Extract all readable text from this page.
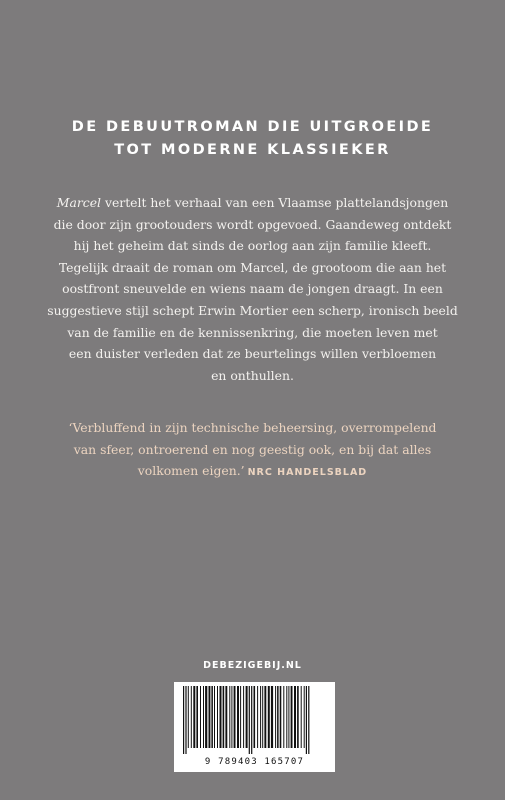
DE DEBUUTROMAN DIE UITGROEIDE
TOT MODERNE KLASSIEKER
Marcel vertelt het verhaal van een Vlaamse plattelandsjongen
die door zijn grootouders wordt opgevoed. Gaandeweg ontdekt
hij het geheim dat sinds de oorlog aan zijn familie kleeft.
Tegelijk draait de roman om Marcel, de grootoom die aan het
oostfront sneuvelde en wiens naam de jongen draagt. In een
suggestieve stijl schept Erwin Mortier een scherp, ironisch beeld
van de familie en de kennissenkring, die moeten leven met
een duister verleden dat ze beurtelings willen verbloemen
en onthullen.
‘Verbluffend in zijn technische beheersing, overrompelend
van sfeer, ontroerend en nog geestig ook, en bij dat alles
volkomen eigen.’ NRC HANDELSBLAD
DEBEZIGEBIJ.NL
9 789403 165707
